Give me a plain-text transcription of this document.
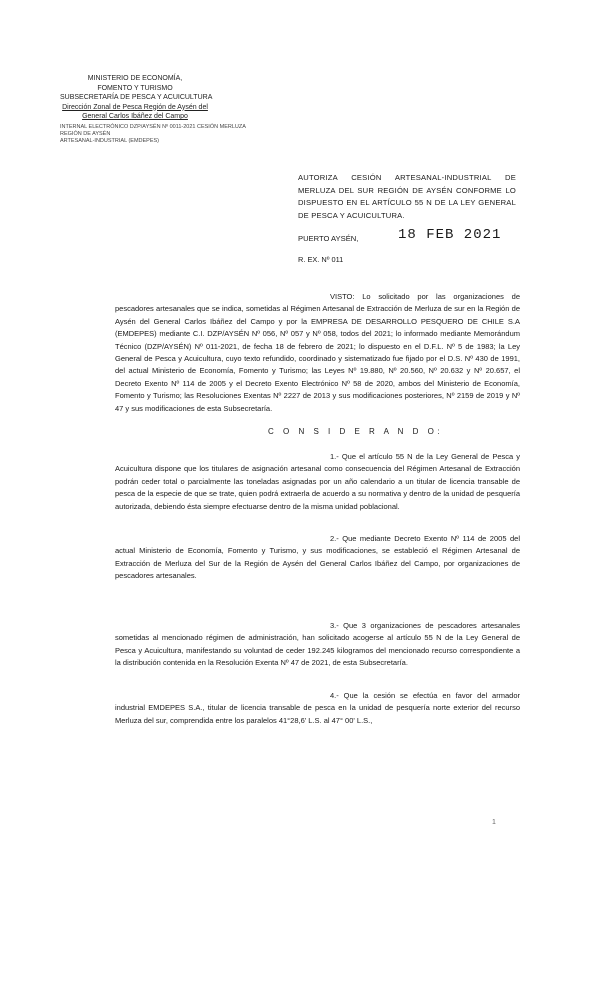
MINISTERIO DE ECONOMÍA,
FOMENTO Y TURISMO
SUBSECRETARÍA DE PESCA Y ACUICULTURA
Dirección Zonal de Pesca Región de Aysén del
General Carlos Ibáñez del Campo
INTERNAL ELECTRÓNICO DZP/AYSÉN Nº 0011-2021 CESIÓN MERLUZA
REGIÓN DE AYSÉN
ARTESANAL-INDUSTRIAL (EMDEPES)
AUTORIZA CESIÓN ARTESANAL-INDUSTRIAL DE MERLUZA DEL SUR REGIÓN DE AYSÉN CONFORME LO DISPUESTO EN EL ARTÍCULO 55 N DE LA LEY GENERAL DE PESCA Y ACUICULTURA.
PUERTO AYSÉN,	18 FEB 2021
R. EX. Nº 011
VISTO: Lo solicitado por las organizaciones de pescadores artesanales que se indica, sometidas al Régimen Artesanal de Extracción de Merluza de sur en la Región de Aysén del General Carlos Ibáñez del Campo y por la EMPRESA DE DESARROLLO PESQUERO DE CHILE S.A (EMDEPES) mediante C.I. DZP/AYSÉN Nº 056, Nº 057 y Nº 058, todos del 2021; lo informado mediante Memorándum Técnico (DZP/AYSÉN) Nº 011-2021, de fecha 18 de febrero de 2021; lo dispuesto en el D.F.L. Nº 5 de 1983; la Ley General de Pesca y Acuicultura, cuyo texto refundido, coordinado y sistematizado fue fijado por el D.S. Nº 430 de 1991, del actual Ministerio de Economía, Fomento y Turismo; las Leyes Nº 19.880, Nº 20.560, Nº 20.632 y Nº 20.657, el Decreto Exento Nº 114 de 2005 y el Decreto Exento Electrónico Nº 58 de 2020, ambos del Ministerio de Economía, Fomento y Turismo; las Resoluciones Exentas Nº 2227 de 2013 y sus modificaciones posteriores, Nº 2159 de 2019 y Nº 47 y sus modificaciones de esta Subsecretaría.
C O N S I D E R A N D O:
1.- Que el artículo 55 N de la Ley General de Pesca y Acuicultura dispone que los titulares de asignación artesanal como consecuencia del Régimen Artesanal de Extracción podrán ceder total o parcialmente las toneladas asignadas por un año calendario a un titular de licencia transable de pesca de la especie de que se trate, quien podrá extraerla de acuerdo a su normativa y dentro de la unidad de pesquería autorizada, debiendo ésta siempre efectuarse dentro de la misma unidad poblacional.
2.- Que mediante Decreto Exento Nº 114 de 2005 del actual Ministerio de Economía, Fomento y Turismo, y sus modificaciones, se estableció el Régimen Artesanal de Extracción de Merluza del Sur de la Región de Aysén del General Carlos Ibáñez del Campo, por organizaciones de pescadores artesanales.
3.- Que 3 organizaciones de pescadores artesanales sometidas al mencionado régimen de administración, han solicitado acogerse al artículo 55 N de la Ley General de Pesca y Acuicultura, manifestando su voluntad de ceder 192.245 kilogramos del mencionado recurso correspondiente a la distribución contenida en la Resolución Exenta Nº 47 de 2021, de esta Subsecretaría.
4.- Que la cesión se efectúa en favor del armador industrial EMDEPES S.A., titular de licencia transable de pesca en la unidad de pesquería norte exterior del recurso Merluza del sur, comprendida entre los paralelos 41°28,6' L.S. al 47° 00' L.S.,
1
